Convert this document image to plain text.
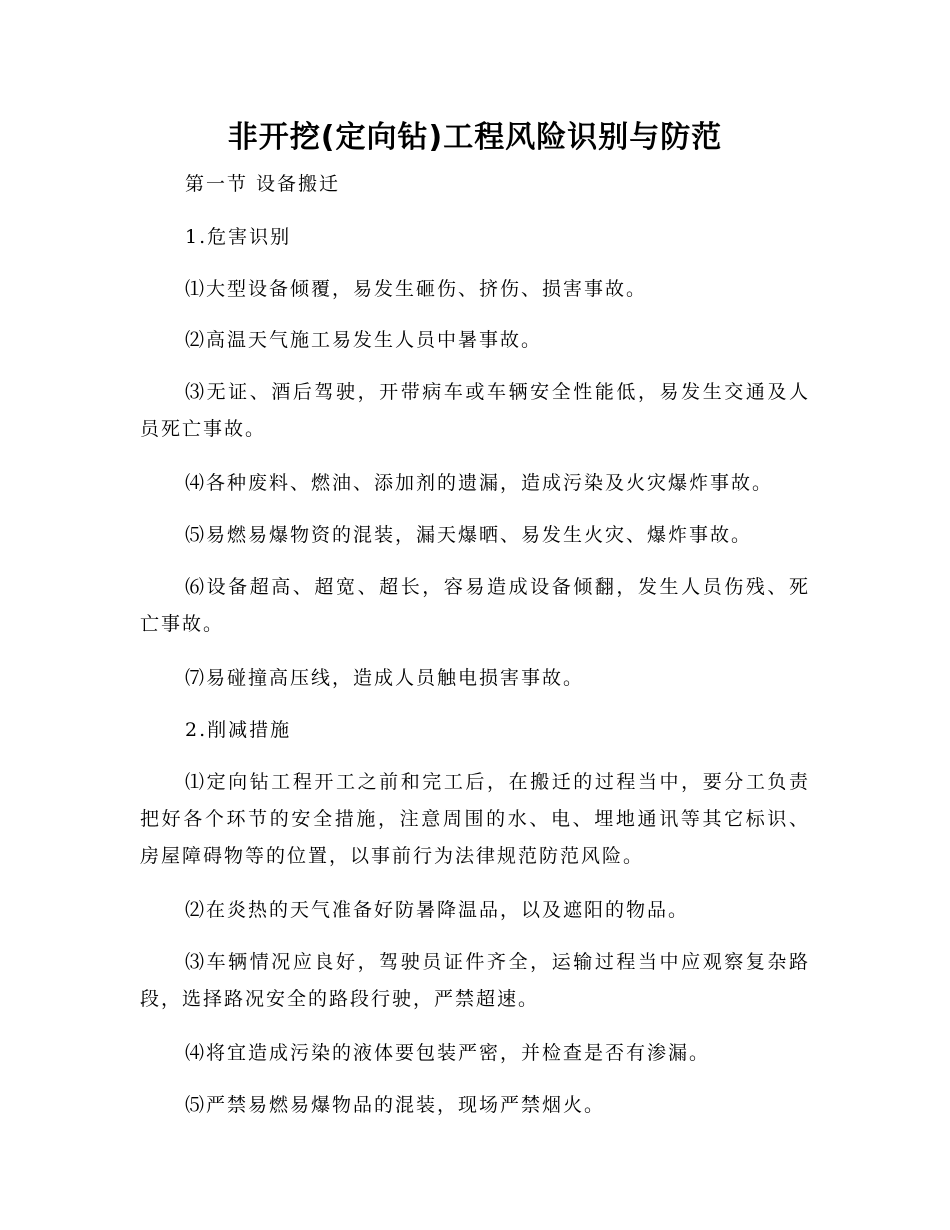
非开挖(定向钻)工程风险识别与防范
第一节 设备搬迁
1.危害识别
⑴大型设备倾覆，易发生砸伤、挤伤、损害事故。
⑵高温天气施工易发生人员中暑事故。
⑶无证、酒后驾驶，开带病车或车辆安全性能低，易发生交通及人员死亡事故。
⑷各种废料、燃油、添加剂的遗漏，造成污染及火灾爆炸事故。
⑸易燃易爆物资的混装，漏天爆晒、易发生火灾、爆炸事故。
⑹设备超高、超宽、超长，容易造成设备倾翻，发生人员伤残、死亡事故。
⑺易碰撞高压线，造成人员触电损害事故。
2.削减措施
⑴定向钻工程开工之前和完工后，在搬迁的过程当中，要分工负责把好各个环节的安全措施，注意周围的水、电、埋地通讯等其它标识、房屋障碍物等的位置，以事前行为法律规范防范风险。
⑵在炎热的天气准备好防暑降温品，以及遮阳的物品。
⑶车辆情况应良好，驾驶员证件齐全，运输过程当中应观察复杂路段，选择路况安全的路段行驶，严禁超速。
⑷将宜造成污染的液体要包装严密，并检查是否有渗漏。
⑸严禁易燃易爆物品的混装，现场严禁烟火。
